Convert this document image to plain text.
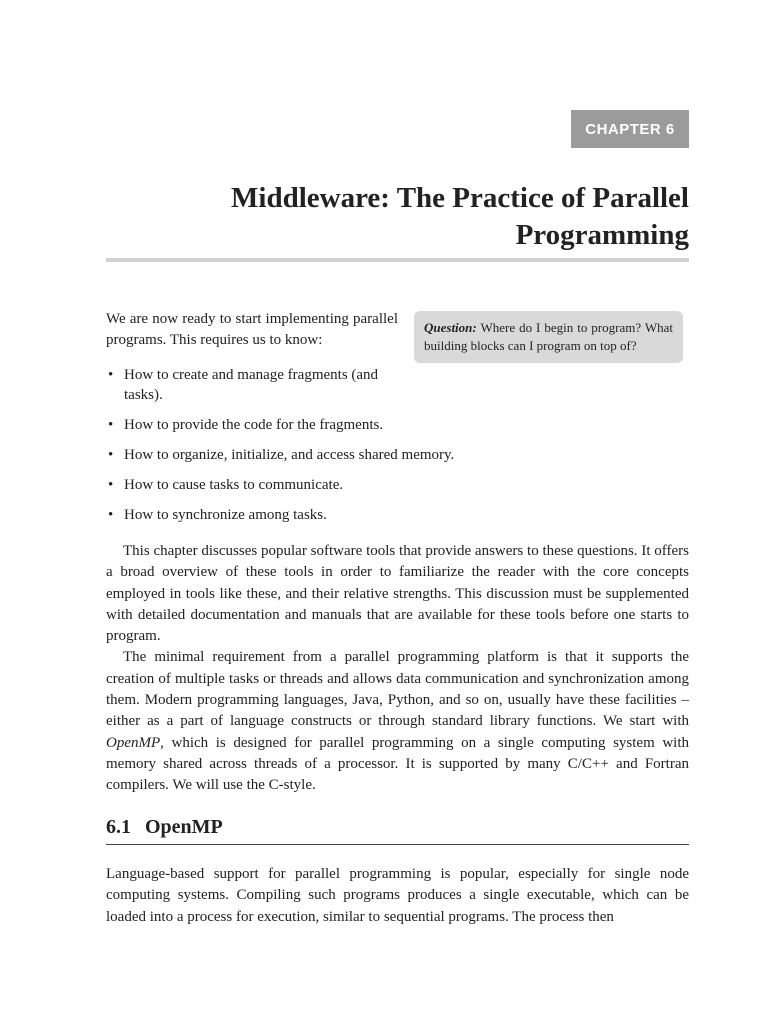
CHAPTER 6
Middleware: The Practice of Parallel
Programming

We are now ready to start implementing parallel programs. This requires us to know:

Question: Where do I begin to program? What building blocks can I program on top of?
• How to create and manage fragments (and tasks).
• How to provide the code for the fragments.
• How to organize, initialize, and access shared memory.
• How to cause tasks to communicate.
• How to synchronize among tasks.

This chapter discusses popular software tools that provide answers to these questions. It offers a broad overview of these tools in order to familiarize the reader with the core concepts employed in tools like these, and their relative strengths. This discussion must be supplemented with detailed documentation and manuals that are available for these tools before one starts to program.

The minimal requirement from a parallel programming platform is that it supports the creation of multiple tasks or threads and allows data communication and synchronization among them. Modern programming languages, Java, Python, and so on, usually have these facilities – either as a part of language constructs or through standard library functions. We start with OpenMP, which is designed for parallel programming on a single computing system with memory shared across threads of a processor. It is supported by many C/C++ and Fortran compilers. We will use the C-style.

6.1 OpenMP

Language-based support for parallel programming is popular, especially for single node computing systems. Compiling such programs produces a single executable, which can be loaded into a process for execution, similar to sequential programs. The process then
